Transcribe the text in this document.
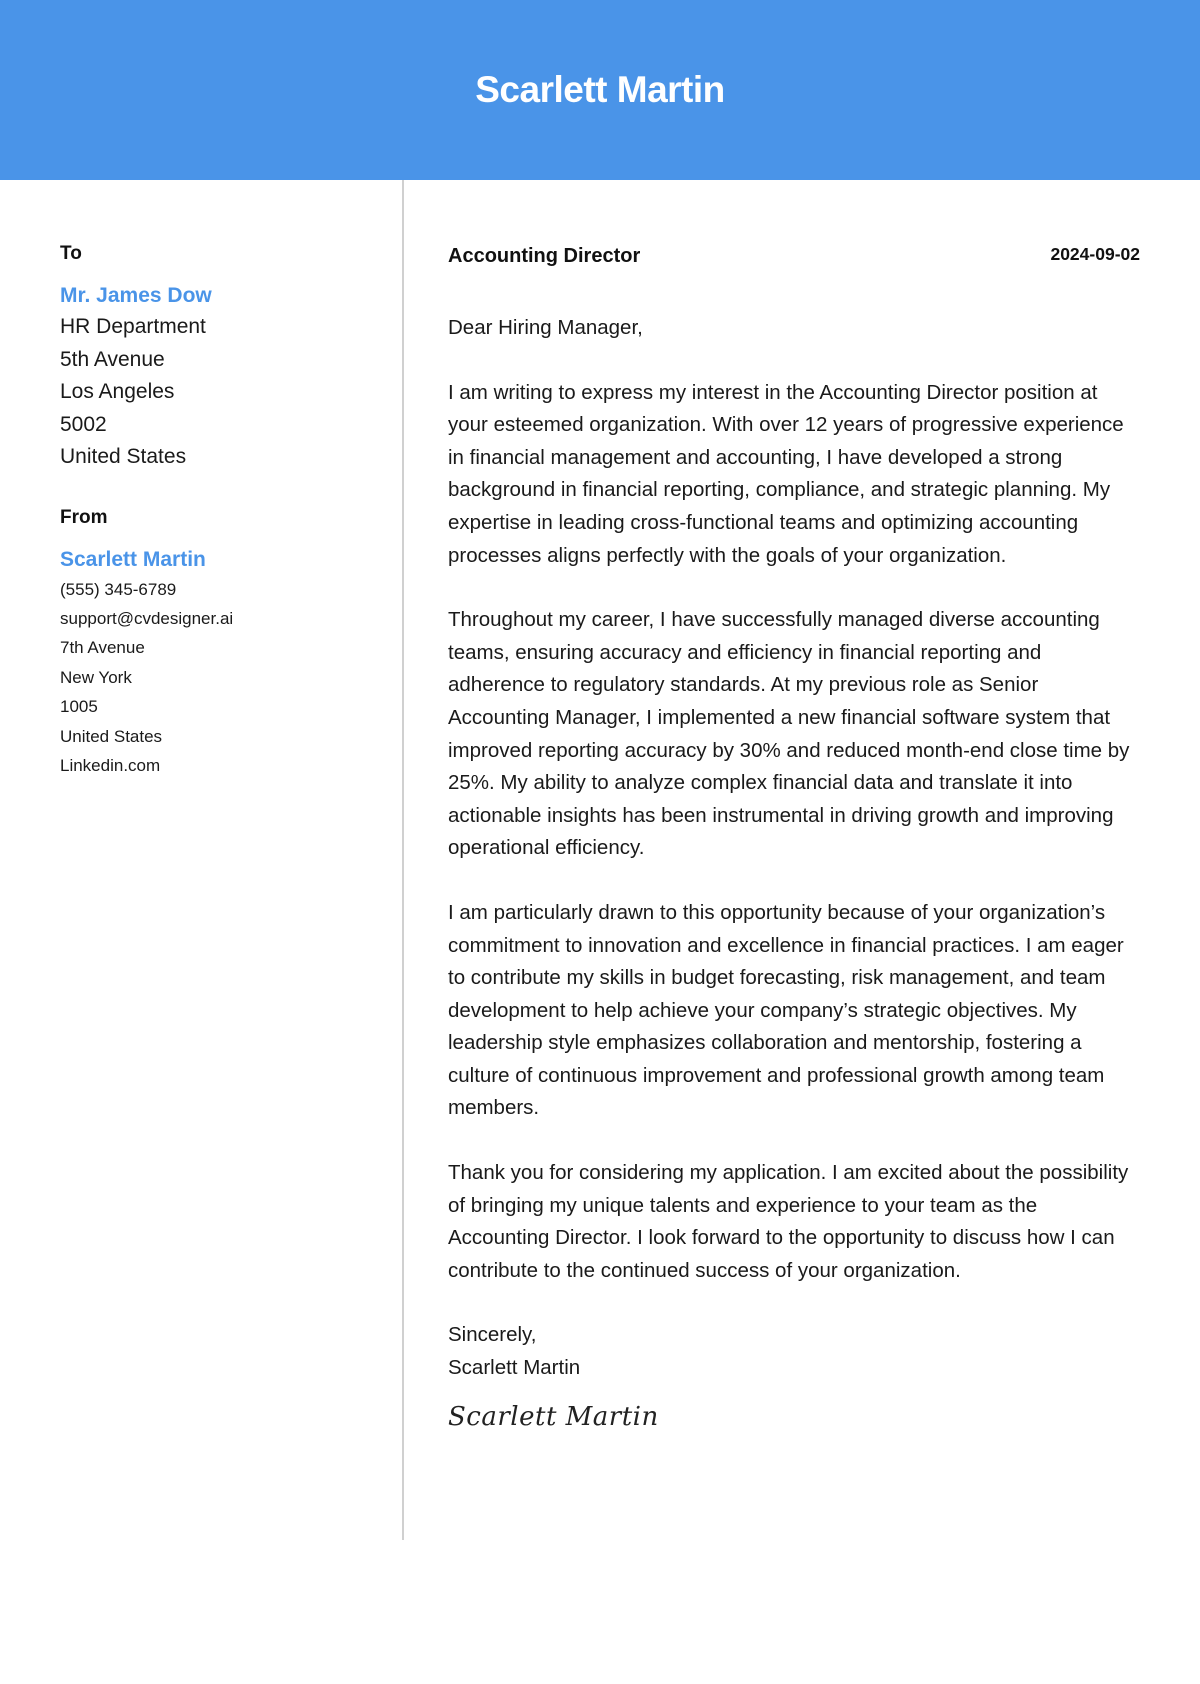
Scarlett Martin
To
Mr. James Dow
HR Department
5th Avenue
Los Angeles
5002
United States
From
Scarlett Martin
(555) 345-6789
support@cvdesigner.ai
7th Avenue
New York
1005
United States
Linkedin.com
Accounting Director	2024-09-02

Dear Hiring Manager,

I am writing to express my interest in the Accounting Director position at your esteemed organization. With over 12 years of progressive experience in financial management and accounting, I have developed a strong background in financial reporting, compliance, and strategic planning. My expertise in leading cross-functional teams and optimizing accounting processes aligns perfectly with the goals of your organization.

Throughout my career, I have successfully managed diverse accounting teams, ensuring accuracy and efficiency in financial reporting and adherence to regulatory standards. At my previous role as Senior Accounting Manager, I implemented a new financial software system that improved reporting accuracy by 30% and reduced month-end close time by 25%. My ability to analyze complex financial data and translate it into actionable insights has been instrumental in driving growth and improving operational efficiency.

I am particularly drawn to this opportunity because of your organization’s commitment to innovation and excellence in financial practices. I am eager to contribute my skills in budget forecasting, risk management, and team development to help achieve your company’s strategic objectives. My leadership style emphasizes collaboration and mentorship, fostering a culture of continuous improvement and professional growth among team members.

Thank you for considering my application. I am excited about the possibility of bringing my unique talents and experience to your team as the Accounting Director. I look forward to the opportunity to discuss how I can contribute to the continued success of your organization.

Sincerely,

Scarlett Martin

Scarlett Martin
